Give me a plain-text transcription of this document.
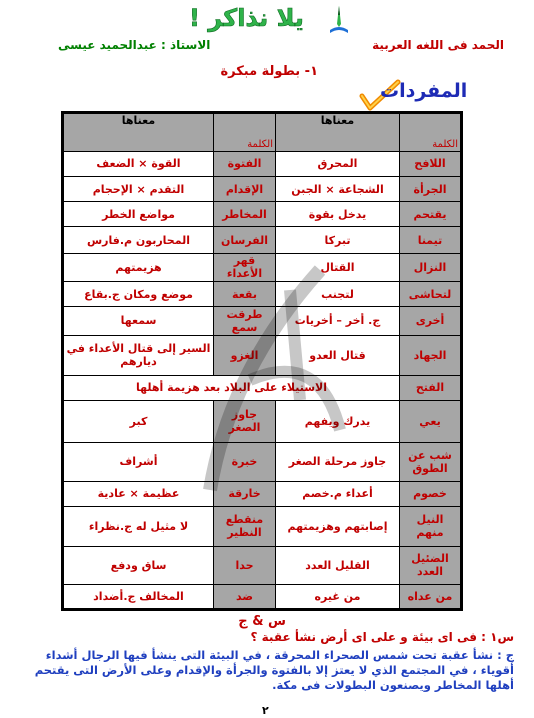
يلا نذاكر !
الحمد فى اللغه العربية
الاستاذ : عبدالحميد عيسى
١- بطولة مبكرة
المفردات
الكلمة	معناها	الكلمة	معناها
اللافح	المحرق	الفتوة	القوة × الضعف
الجرأة	الشجاعة × الجبن	الإقدام	التقدم × الإحجام
يقتحم	يدخل بقوة	المخاطر	مواضع الخطر
تيمنا	تبركا	الفرسان	المحاربون م.فارس
النزال	القتال	قهر الأعداء	هزيمتهم
لتحاشى	لتجنب	بقعة	موضع ومكان ج.بقاع
أخرى	ج. أخر – أخريات	طرقت سمع	سمعها
الجهاد	قتال العدو	الغزو	السير إلى قتال الأعداء في ديارهم
الفتح	الاستيلاء على البلاد بعد هزيمة أهلها		
يعي	يدرك ويفهم	جاوز الصغر	كبر
شب عن الطوق	جاوز مرحلة الصغر	خبرة	أشراف
خصوم	أعداء م.خصم	خارقة	عظيمة × عادية
النيل منهم	إصابتهم وهزيمتهم	منقطع النظير	لا مثيل له ج.نظراء
الضئيل العدد	القليل العدد	حدا	ساق ودفع
من عداه	من غيره	ضد	المخالف ج.أضداد
س & ج
س١ : فى اى بيئة و على اى أرض نشأ عقبة ؟
ج : نشأ عقبة تحت شمس الصحراء المحرقة ، في البيئة التى ينشأ فيها الرجال أشداء أقوياء ، في المجتمع الذي لا يعتز إلا بالفتوة والجرأة والإقدام وعلى الأرض التى يقتحم أهلها المخاطر ويصنعون البطولات فى مكة.
٢
